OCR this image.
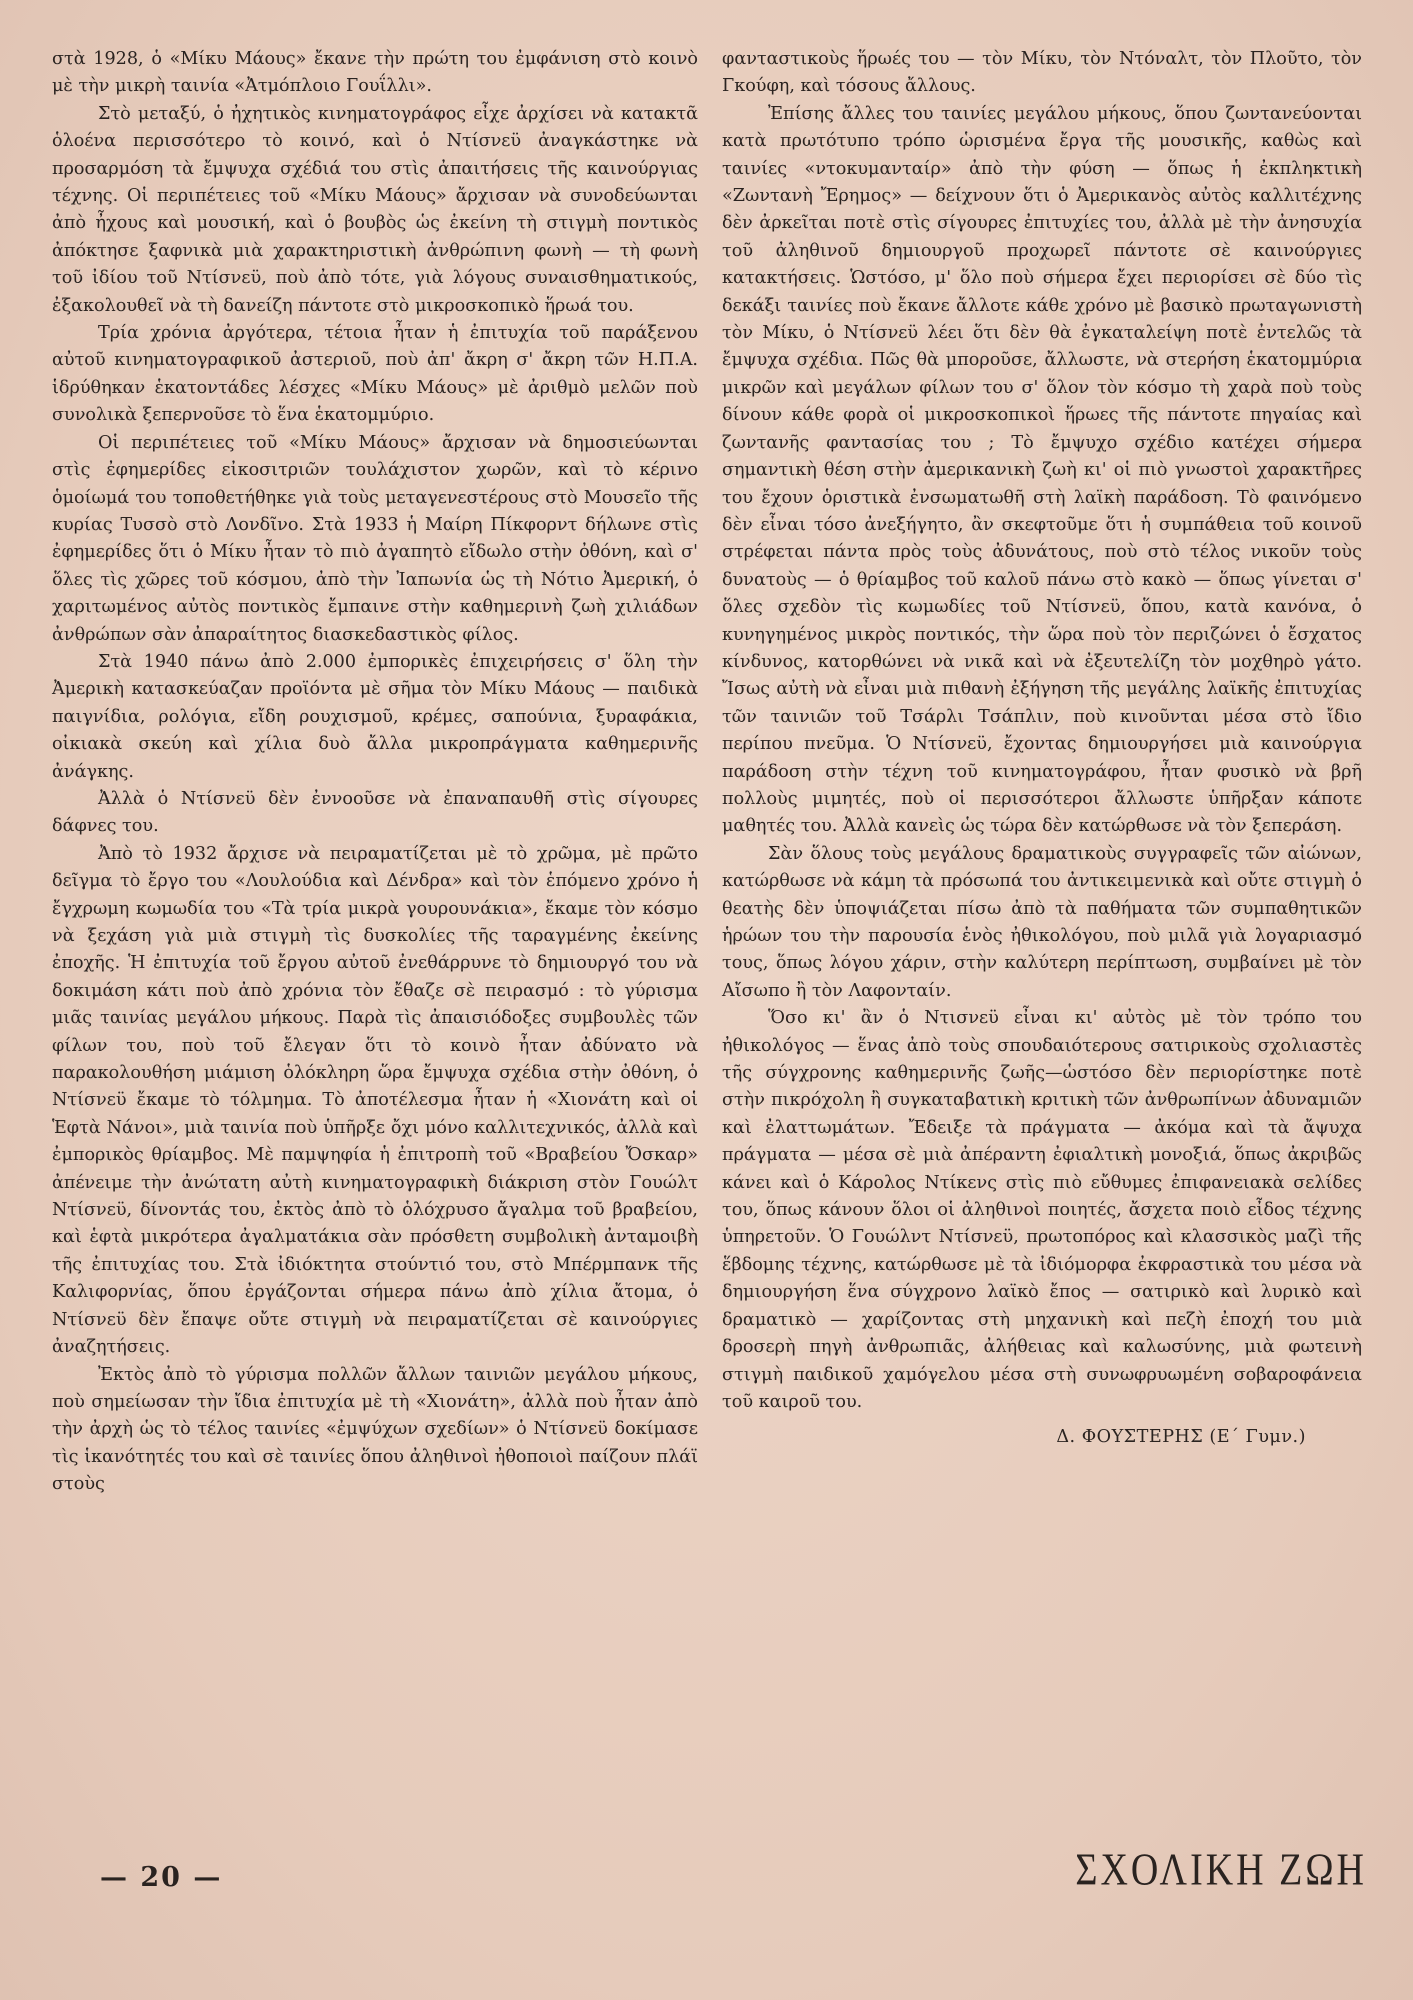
στὰ 1928, ὁ «Μίκυ Μάους» ἔκανε τὴν πρώτη του ἐμφάνιση στὸ κοινὸ μὲ τὴν μικρὴ ταινία «Ἀτμόπλοιο Γουΐλλι».

Στὸ μεταξύ, ὁ ἠχητικὸς κινηματογράφος εἶχε ἀρχίσει νὰ κατακτᾶ ὁλοένα περισσότερο τὸ κοινό, καὶ ὁ Ντίσνεϋ ἀναγκάστηκε νὰ προσαρμόση τὰ ἔμψυχα σχέδιά του στὶς ἀπαιτήσεις τῆς καινούργιας τέχνης. Οἱ περιπέτειες τοῦ «Μίκυ Μάους» ἄρχισαν νὰ συνοδεύωνται ἀπὸ ἦχους καὶ μουσική, καὶ ὁ βουβὸς ὡς ἐκείνη τὴ στιγμὴ ποντικὸς ἀπόκτησε ξαφνικὰ μιὰ χαρακτηριστικὴ ἀνθρώπινη φωνὴ — τὴ φωνὴ τοῦ ἰδίου τοῦ Ντίσνεϋ, ποὺ ἀπὸ τότε, γιὰ λόγους συναισθηματικούς, ἐξακολουθεῖ νὰ τὴ δανείζη πάντοτε στὸ μικροσκοπικὸ ἥρωά του.

Τρία χρόνια ἀργότερα, τέτοια ἦταν ἡ ἐπιτυχία τοῦ παράξενου αὐτοῦ κινηματογραφικοῦ ἀστεριοῦ, ποὺ ἀπ' ἄκρη σ' ἄκρη τῶν Η.Π.Α. ἱδρύθηκαν ἑκατοντάδες λέσχες «Μίκυ Μάους» μὲ ἀριθμὸ μελῶν ποὺ συνολικὰ ξεπερνοῦσε τὸ ἕνα ἑκατομμύριο.

Οἱ περιπέτειες τοῦ «Μίκυ Μάους» ἄρχισαν νὰ δημοσιεύωνται στὶς ἐφημερίδες εἰκοσιτριῶν τουλάχιστον χωρῶν, καὶ τὸ κέρινο ὁμοίωμά του τοποθετήθηκε γιὰ τοὺς μεταγενεστέρους στὸ Μουσεῖο τῆς κυρίας Τυσσὸ στὸ Λονδῖνο. Στὰ 1933 ἡ Μαίρη Πίκφορντ δήλωνε στὶς ἐφημερίδες ὅτι ὁ Μίκυ ἦταν τὸ πιὸ ἀγαπητὸ εἴδωλο στὴν ὀθόνη, καὶ σ' ὅλες τὶς χῶρες τοῦ κόσμου, ἀπὸ τὴν Ἰαπωνία ὡς τὴ Νότιο Ἀμερική, ὁ χαριτωμένος αὐτὸς ποντικὸς ἔμπαινε στὴν καθημερινὴ ζωὴ χιλιάδων ἀνθρώπων σὰν ἀπαραίτητος διασκεδαστικὸς φίλος.

Στὰ 1940 πάνω ἀπὸ 2.000 ἐμπορικὲς ἐπιχειρήσεις σ' ὅλη τὴν Ἀμερικὴ κατασκεύαζαν προϊόντα μὲ σῆμα τὸν Μίκυ Μάους — παιδικὰ παιγνίδια, ρολόγια, εἴδη ρουχισμοῦ, κρέμες, σαπούνια, ξυραφάκια, οἰκιακὰ σκεύη καὶ χίλια δυὸ ἄλλα μικροπράγματα καθημερινῆς ἀνάγκης.

Ἀλλὰ ὁ Ντίσνεϋ δὲν ἐννοοῦσε νὰ ἐπαναπαυθῆ στὶς σίγουρες δάφνες του.

Ἀπὸ τὸ 1932 ἄρχισε νὰ πειραματίζεται μὲ τὸ χρῶμα, μὲ πρῶτο δεῖγμα τὸ ἔργο του «Λουλούδια καὶ Δένδρα» καὶ τὸν ἑπόμενο χρόνο ἡ ἔγχρωμη κωμωδία του «Τὰ τρία μικρὰ γουρουνάκια», ἔκαμε τὸν κόσμο νὰ ξεχάση γιὰ μιὰ στιγμὴ τὶς δυσκολίες τῆς ταραγμένης ἐκείνης ἐποχῆς. Ἡ ἐπιτυχία τοῦ ἔργου αὐτοῦ ἐνεθάρρυνε τὸ δημιουργό του νὰ δοκιμάση κάτι ποὺ ἀπὸ χρόνια τὸν ἔθαζε σὲ πειρασμό : τὸ γύρισμα μιᾶς ταινίας μεγάλου μήκους. Παρὰ τὶς ἀπαισιόδοξες συμβουλὲς τῶν φίλων του, ποὺ τοῦ ἔλεγαν ὅτι τὸ κοινὸ ἦταν ἀδύνατο νὰ παρακολουθήση μιάμιση ὁλόκληρη ὥρα ἔμψυχα σχέδια στὴν ὀθόνη, ὁ Ντίσνεϋ ἔκαμε τὸ τόλμημα. Τὸ ἀποτέλεσμα ἦταν ἡ «Χιονάτη καὶ οἱ Ἑφτὰ Νάνοι», μιὰ ταινία ποὺ ὑπῆρξε ὄχι μόνο καλλιτεχνικός, ἀλλὰ καὶ ἐμπορικὸς θρίαμβος. Μὲ παμψηφία ἡ ἐπιτροπὴ τοῦ «Βραβείου Ὄσκαρ» ἀπένειμε τὴν ἀνώτατη αὐτὴ κινηματογραφικὴ διάκριση στὸν Γουώλτ Ντίσνεϋ, δίνοντάς του, ἐκτὸς ἀπὸ τὸ ὁλόχρυσο ἄγαλμα τοῦ βραβείου, καὶ ἑφτὰ μικρότερα ἀγαλματάκια σὰν πρόσθετη συμβολικὴ ἀνταμοιβὴ τῆς ἐπιτυχίας του. Στὰ ἰδιόκτητα στούντιό του, στὸ Μπέρμπανκ τῆς Καλιφορνίας, ὅπου ἐργάζονται σήμερα πάνω ἀπὸ χίλια ἄτομα, ὁ Ντίσνεϋ δὲν ἔπαψε οὔτε στιγμὴ νὰ πειραματίζεται σὲ καινούργιες ἀναζητήσεις.

Ἐκτὸς ἀπὸ τὸ γύρισμα πολλῶν ἄλλων ταινιῶν μεγάλου μήκους, ποὺ σημείωσαν τὴν ἴδια ἐπιτυχία μὲ τὴ «Χιονάτη», ἀλλὰ ποὺ ἦταν ἀπὸ τὴν ἀρχὴ ὡς τὸ τέλος ταινίες «ἐμψύχων σχεδίων» ὁ Ντίσνεϋ δοκίμασε τὶς ἱκανότητές του καὶ σὲ ταινίες ὅπου ἀληθινοὶ ἠθοποιοὶ παίζουν πλάϊ στοὺς

φανταστικοὺς ἥρωές του — τὸν Μίκυ, τὸν Ντόναλτ, τὸν Πλοῦτο, τὸν Γκούφη, καὶ τόσους ἄλλους.

Ἐπίσης ἄλλες του ταινίες μεγάλου μήκους, ὅπου ζωντανεύονται κατὰ πρωτότυπο τρόπο ὡρισμένα ἔργα τῆς μουσικῆς, καθὼς καὶ ταινίες «ντοκυμανταίρ» ἀπὸ τὴν φύση — ὅπως ἡ ἐκπληκτικὴ «Ζωντανὴ Ἔρημος» — δείχνουν ὅτι ὁ Ἀμερικανὸς αὐτὸς καλλιτέχνης δὲν ἀρκεῖται ποτὲ στὶς σίγουρες ἐπιτυχίες του, ἀλλὰ μὲ τὴν ἀνησυχία τοῦ ἀληθινοῦ δημιουργοῦ προχωρεῖ πάντοτε σὲ καινούργιες κατακτήσεις. Ὡστόσο, μ' ὅλο ποὺ σήμερα ἔχει περιορίσει σὲ δύο τὶς δεκάξι ταινίες ποὺ ἔκανε ἄλλοτε κάθε χρόνο μὲ βασικὸ πρωταγωνιστὴ τὸν Μίκυ, ὁ Ντίσνεϋ λέει ὅτι δὲν θὰ ἐγκαταλείψη ποτὲ ἐντελῶς τὰ ἔμψυχα σχέδια. Πῶς θὰ μποροῦσε, ἄλλωστε, νὰ στερήση ἑκατομμύρια μικρῶν καὶ μεγάλων φίλων του σ' ὅλον τὸν κόσμο τὴ χαρὰ ποὺ τοὺς δίνουν κάθε φορὰ οἱ μικροσκοπικοὶ ἥρωες τῆς πάντοτε πηγαίας καὶ ζωντανῆς φαντασίας του ; Τὸ ἔμψυχο σχέδιο κατέχει σήμερα σημαντικὴ θέση στὴν ἀμερικανικὴ ζωὴ κι' οἱ πιὸ γνωστοὶ χαρακτῆρες του ἔχουν ὁριστικὰ ἐνσωματωθῆ στὴ λαϊκὴ παράδοση. Τὸ φαινόμενο δὲν εἶναι τόσο ἀνεξήγητο, ἂν σκεφτοῦμε ὅτι ἡ συμπάθεια τοῦ κοινοῦ στρέφεται πάντα πρὸς τοὺς ἀδυνάτους, ποὺ στὸ τέλος νικοῦν τοὺς δυνατοὺς — ὁ θρίαμβος τοῦ καλοῦ πάνω στὸ κακὸ — ὅπως γίνεται σ' ὅλες σχεδὸν τὶς κωμωδίες τοῦ Ντίσνεϋ, ὅπου, κατὰ κανόνα, ὁ κυνηγημένος μικρὸς ποντικός, τὴν ὥρα ποὺ τὸν περιζώνει ὁ ἔσχατος κίνδυνος, κατορθώνει νὰ νικᾶ καὶ νὰ ἐξευτελίζη τὸν μοχθηρὸ γάτο. Ἴσως αὐτὴ νὰ εἶναι μιὰ πιθανὴ ἐξήγηση τῆς μεγάλης λαϊκῆς ἐπιτυχίας τῶν ταινιῶν τοῦ Τσάρλι Τσάπλιν, ποὺ κινοῦνται μέσα στὸ ἴδιο περίπου πνεῦμα. Ὁ Ντίσνεϋ, ἔχοντας δημιουργήσει μιὰ καινούργια παράδοση στὴν τέχνη τοῦ κινηματογράφου, ἦταν φυσικὸ νὰ βρῆ πολλοὺς μιμητές, ποὺ οἱ περισσότεροι ἄλλωστε ὑπῆρξαν κάποτε μαθητές του. Ἀλλὰ κανεὶς ὡς τώρα δὲν κατώρθωσε νὰ τὸν ξεπεράση.

Σὰν ὅλους τοὺς μεγάλους δραματικοὺς συγγραφεῖς τῶν αἰώνων, κατώρθωσε νὰ κάμη τὰ πρόσωπά του ἀντικειμενικὰ καὶ οὔτε στιγμὴ ὁ θεατὴς δὲν ὑποψιάζεται πίσω ἀπὸ τὰ παθήματα τῶν συμπαθητικῶν ἡρώων του τὴν παρουσία ἑνὸς ἠθικολόγου, ποὺ μιλᾶ γιὰ λογαριασμό τους, ὅπως λόγου χάριν, στὴν καλύτερη περίπτωση, συμβαίνει μὲ τὸν Αἴσωπο ἢ τὸν Λαφονταίν.

Ὅσο κι' ἂν ὁ Ντισνεϋ εἶναι κι' αὐτὸς μὲ τὸν τρόπο του ἠθικολόγος — ἕνας ἀπὸ τοὺς σπουδαιότερους σατιρικοὺς σχολιαστὲς τῆς σύγχρονης καθημερινῆς ζωῆς—ὡστόσο δὲν περιορίστηκε ποτὲ στὴν πικρόχολη ἢ συγκαταβατικὴ κριτικὴ τῶν ἀνθρωπίνων ἀδυναμιῶν καὶ ἐλαττωμάτων. Ἔδειξε τὰ πράγματα — ἀκόμα καὶ τὰ ἄψυχα πράγματα — μέσα σὲ μιὰ ἀπέραντη ἐφιαλτικὴ μονοξιά, ὅπως ἀκριβῶς κάνει καὶ ὁ Κάρολος Ντίκενς στὶς πιὸ εὔθυμες ἐπιφανειακὰ σελίδες του, ὅπως κάνουν ὅλοι οἱ ἀληθινοὶ ποιητές, ἄσχετα ποιὸ εἶδος τέχνης ὑπηρετοῦν. Ὁ Γουώλντ Ντίσνεϋ, πρωτοπόρος καὶ κλασσικὸς μαζὶ τῆς ἕβδομης τέχνης, κατώρθωσε μὲ τὰ ἰδιόμορφα ἐκφραστικὰ του μέσα νὰ δημιουργήση ἕνα σύγχρονο λαϊκὸ ἔπος — σατιρικὸ καὶ λυρικὸ καὶ δραματικὸ — χαρίζοντας στὴ μηχανικὴ καὶ πεζὴ ἐποχή του μιὰ δροσερὴ πηγὴ ἀνθρωπιᾶς, ἀλήθειας καὶ καλωσύνης, μιὰ φωτεινὴ στιγμὴ παιδικοῦ χαμόγελου μέσα στὴ συνωφρυωμένη σοβαροφάνεια τοῦ καιροῦ του.

Δ. ΦΟΥΣΤΕΡΗΣ (Ε΄ Γυμν.)
— 20 —	ΣΧΟΛΙΚΗ ΖΩΗ
